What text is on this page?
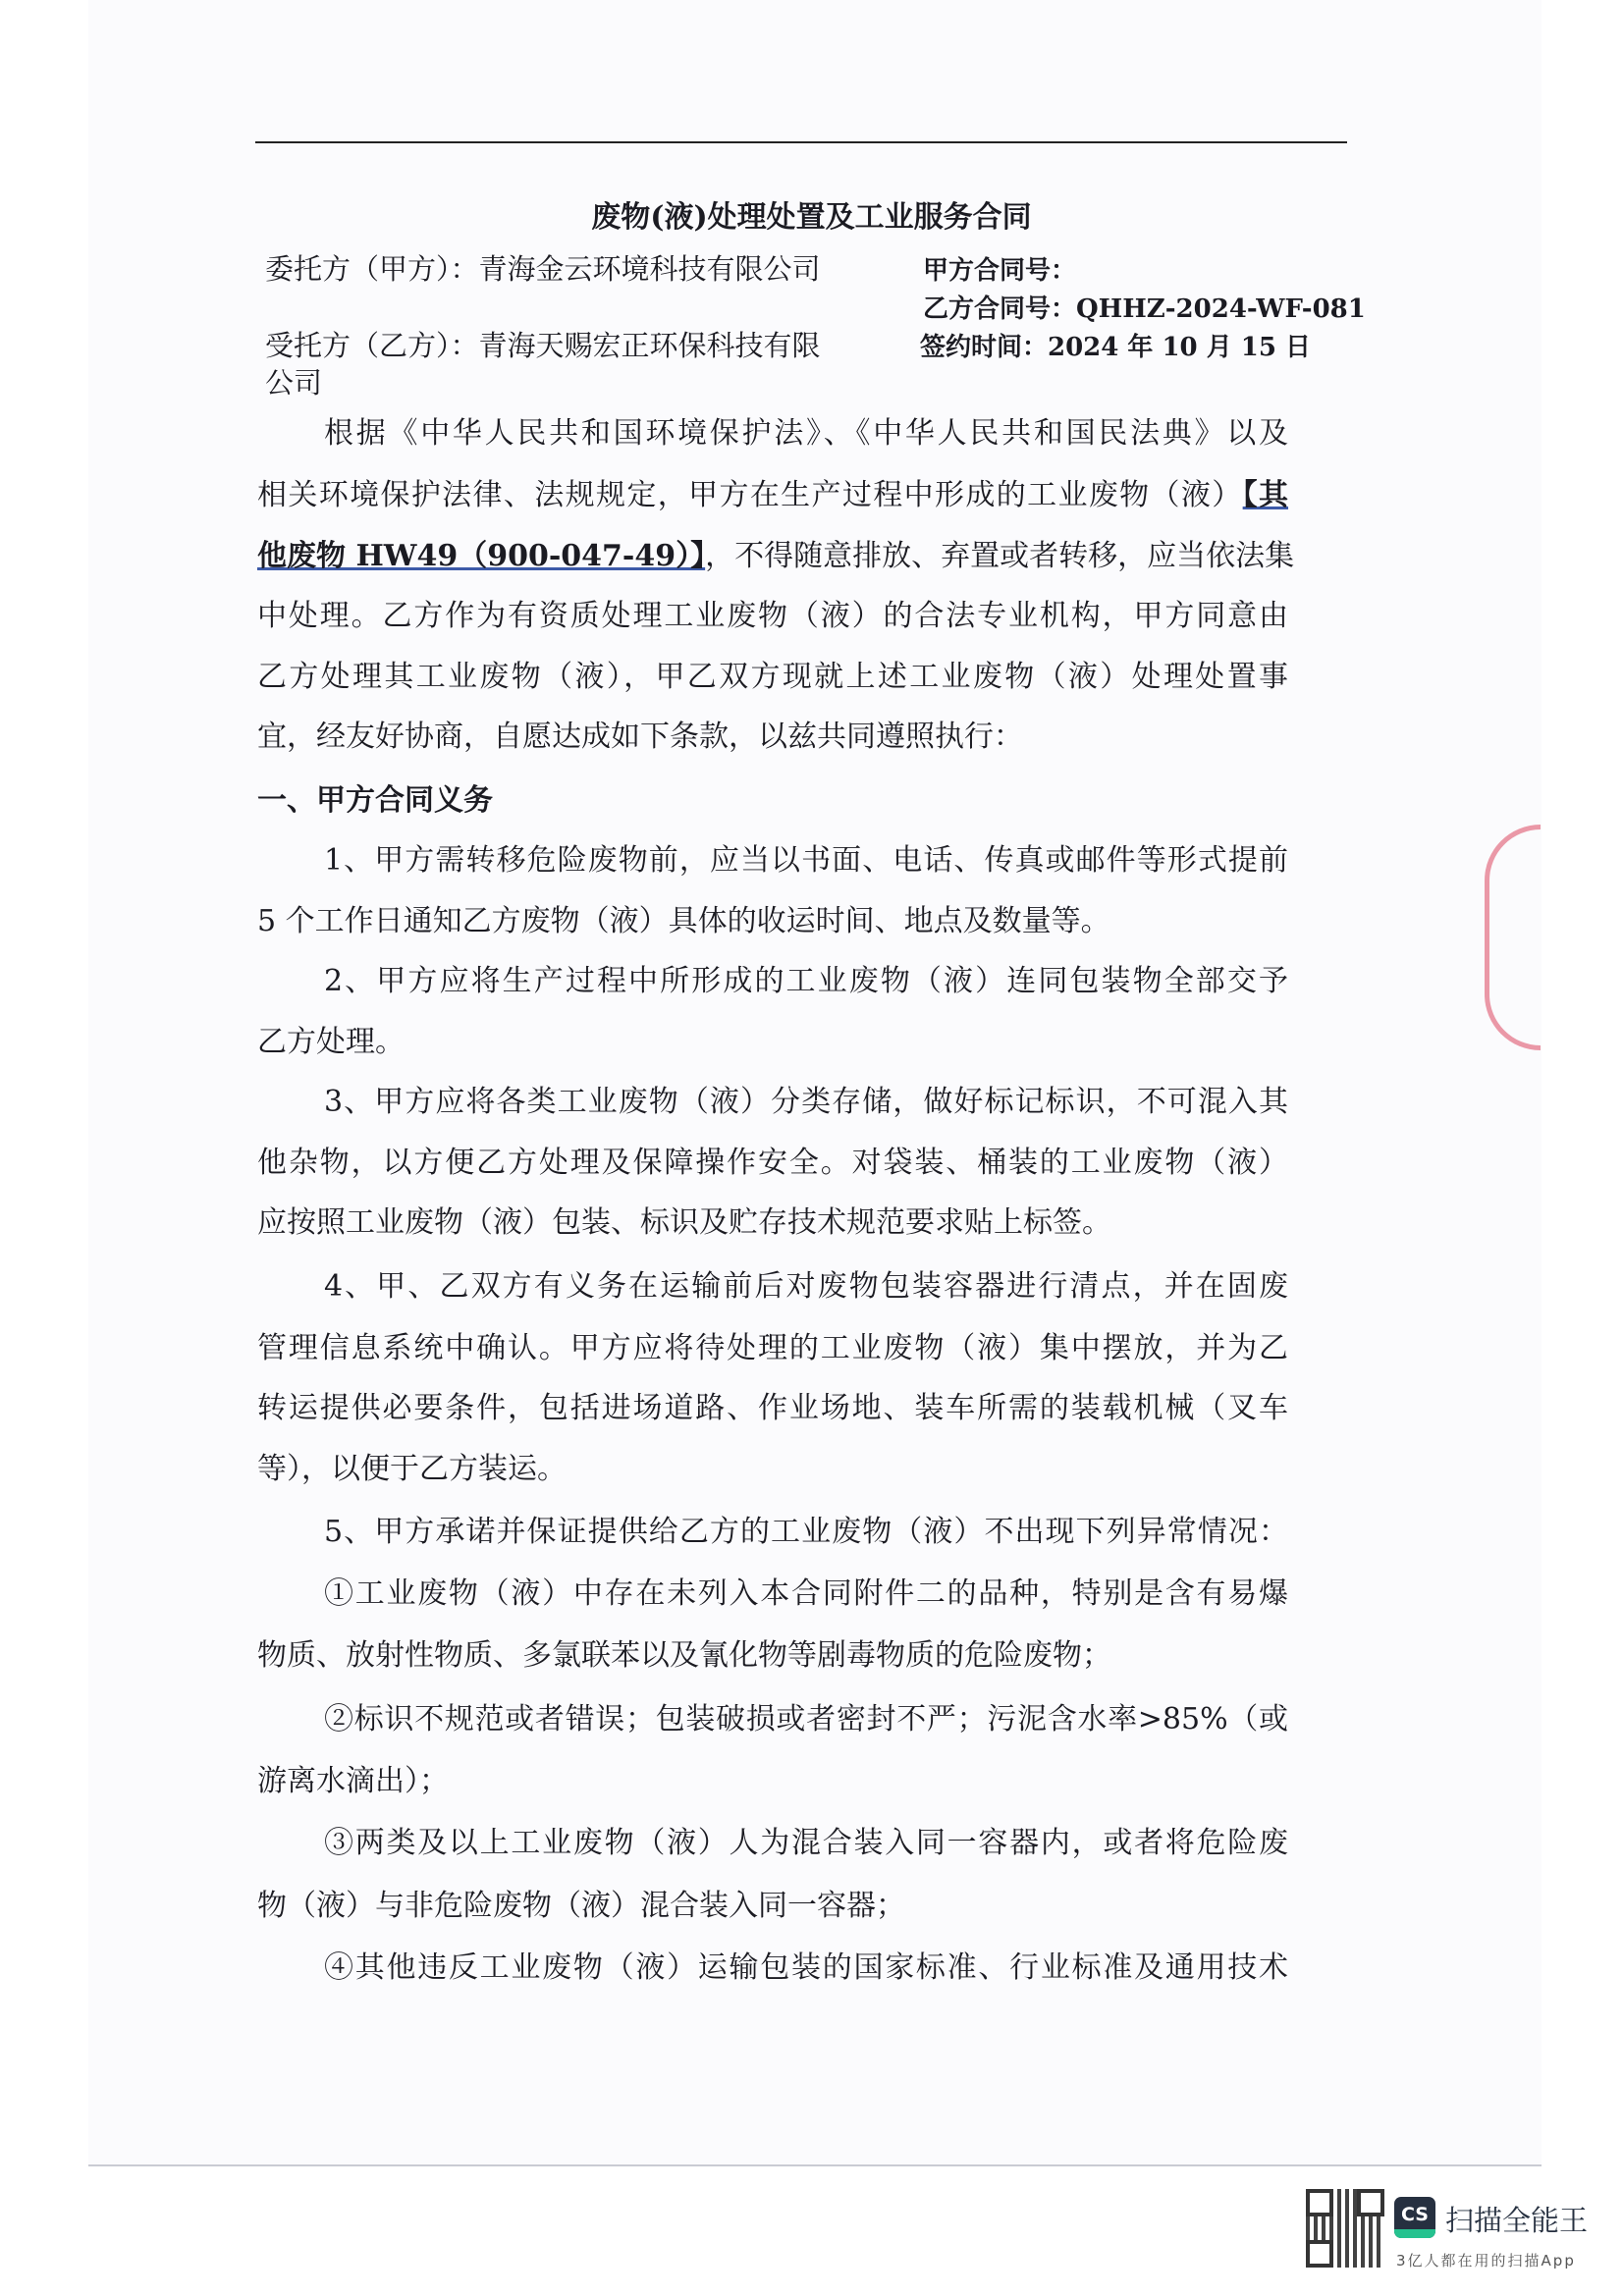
废物(液)处理处置及工业服务合同
委托方（甲方）：青海金云环境科技有限公司	甲方合同号：
乙方合同号：QHHZ-2024-WF-081
受托方（乙方）：青海天赐宏正环保科技有限	签约时间：2024 年 10 月 15 日
公司
根据《中华人民共和国环境保护法》、《中华人民共和国民法典》以及
相关环境保护法律、法规规定，甲方在生产过程中形成的工业废物（液）【其
他废物 HW49（900-047-49）】，不得随意排放、弃置或者转移，应当依法集
中处理。乙方作为有资质处理工业废物（液）的合法专业机构，甲方同意由
乙方处理其工业废物（液），甲乙双方现就上述工业废物（液）处理处置事
宜，经友好协商，自愿达成如下条款，以兹共同遵照执行：
一、甲方合同义务
1、甲方需转移危险废物前，应当以书面、电话、传真或邮件等形式提前
5 个工作日通知乙方废物（液）具体的收运时间、地点及数量等。
2、甲方应将生产过程中所形成的工业废物（液）连同包装物全部交予
乙方处理。
3、甲方应将各类工业废物（液）分类存储，做好标记标识，不可混入其
他杂物，以方便乙方处理及保障操作安全。对袋装、桶装的工业废物（液）
应按照工业废物（液）包装、标识及贮存技术规范要求贴上标签。
4、甲、乙双方有义务在运输前后对废物包装容器进行清点，并在固废
管理信息系统中确认。甲方应将待处理的工业废物（液）集中摆放，并为乙
转运提供必要条件，包括进场道路、作业场地、装车所需的装载机械（叉车
等），以便于乙方装运。
5、甲方承诺并保证提供给乙方的工业废物（液）不出现下列异常情况：
①工业废物（液）中存在未列入本合同附件二的品种，特别是含有易爆
物质、放射性物质、多氯联苯以及氰化物等剧毒物质的危险废物；
②标识不规范或者错误；包装破损或者密封不严；污泥含水率>85%（或
游离水滴出）；
③两类及以上工业废物（液）人为混合装入同一容器内，或者将危险废
物（液）与非危险废物（液）混合装入同一容器；
④其他违反工业废物（液）运输包装的国家标准、行业标准及通用技术
CS 扫描全能王
3亿人都在用的扫描App
